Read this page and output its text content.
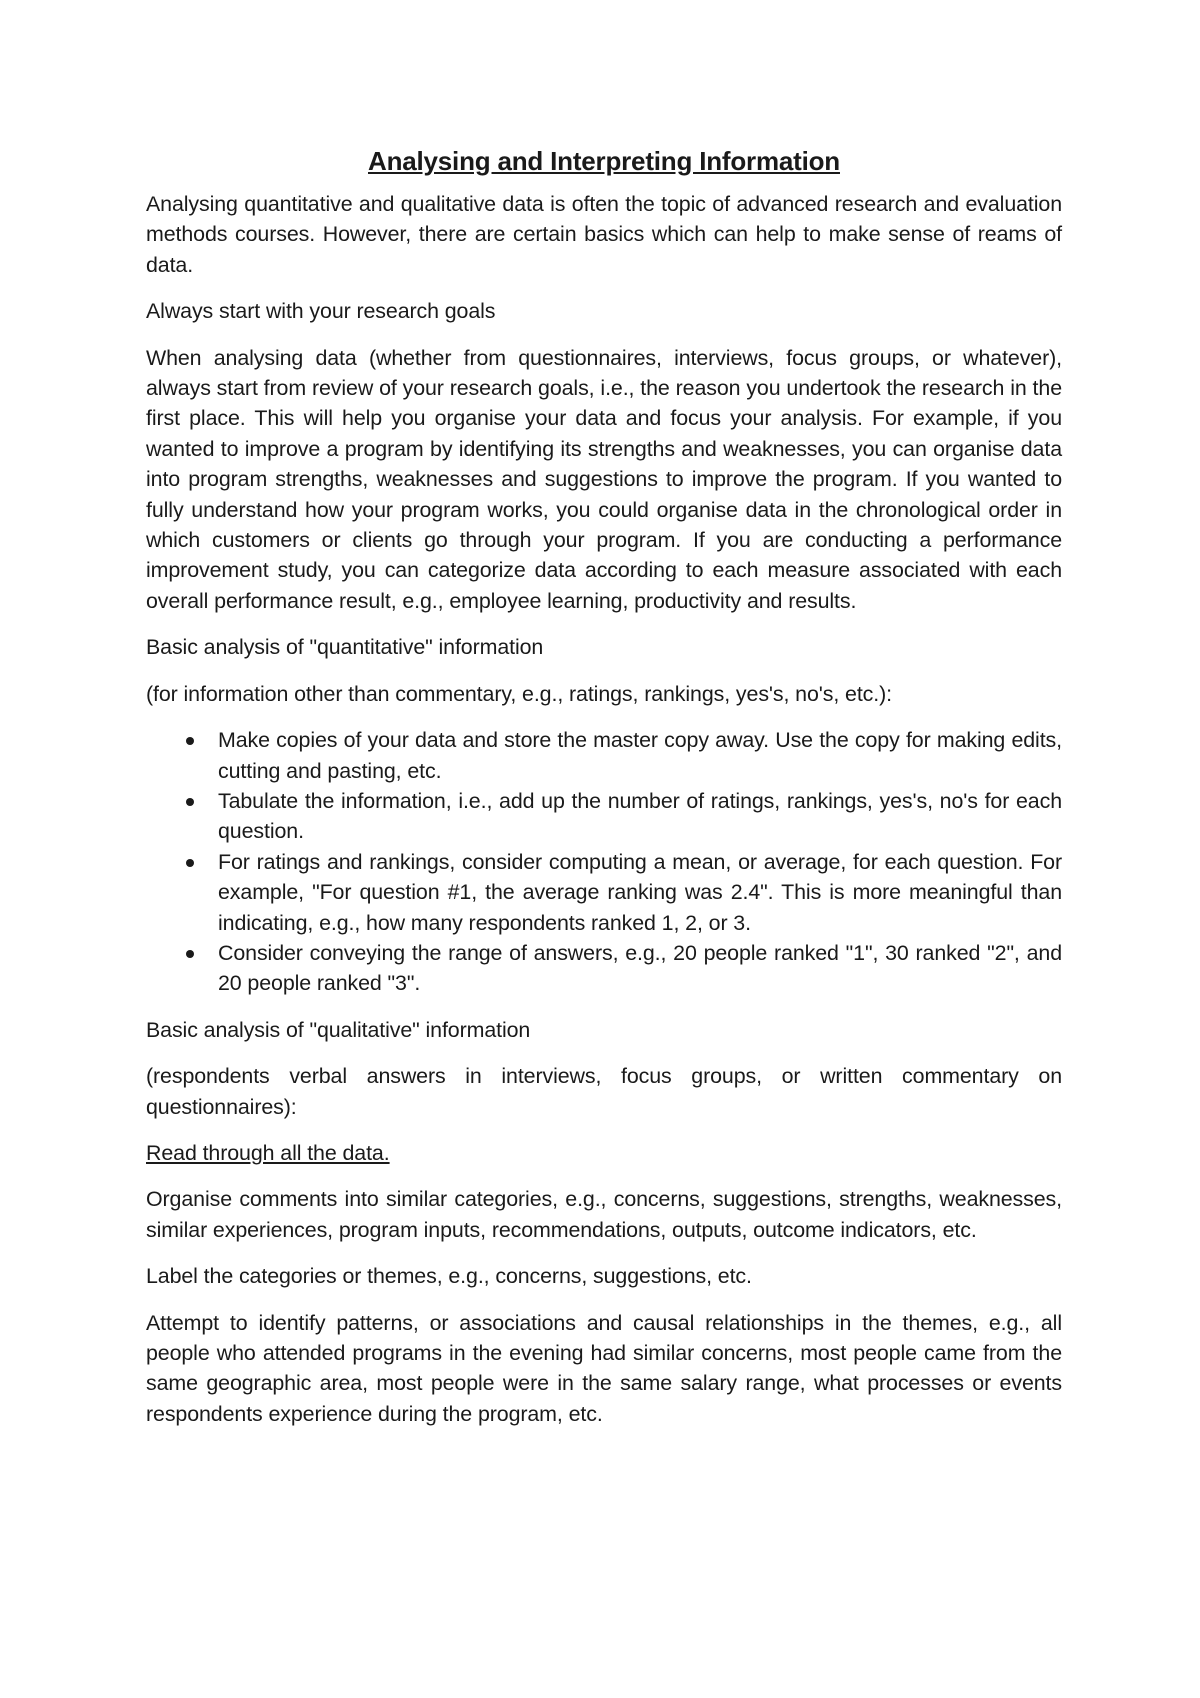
Analysing and Interpreting Information

Analysing quantitative and qualitative data is often the topic of advanced research and evaluation methods courses. However, there are certain basics which can help to make sense of reams of data.

Always start with your research goals

When analysing data (whether from questionnaires, interviews, focus groups, or whatever), always start from review of your research goals, i.e., the reason you undertook the research in the first place. This will help you organise your data and focus your analysis. For example, if you wanted to improve a program by identifying its strengths and weaknesses, you can organise data into program strengths, weaknesses and suggestions to improve the program. If you wanted to fully understand how your program works, you could organise data in the chronological order in which customers or clients go through your program. If you are conducting a performance improvement study, you can categorize data according to each measure associated with each overall performance result, e.g., employee learning, productivity and results.

Basic analysis of "quantitative" information

(for information other than commentary, e.g., ratings, rankings, yes's, no's, etc.):

Make copies of your data and store the master copy away. Use the copy for making edits, cutting and pasting, etc.
Tabulate the information, i.e., add up the number of ratings, rankings, yes's, no's for each question.
For ratings and rankings, consider computing a mean, or average, for each question. For example, "For question #1, the average ranking was 2.4". This is more meaningful than indicating, e.g., how many respondents ranked 1, 2, or 3.
Consider conveying the range of answers, e.g., 20 people ranked "1", 30 ranked "2", and 20 people ranked "3".

Basic analysis of "qualitative" information

(respondents verbal answers in interviews, focus groups, or written commentary on questionnaires):

Read through all the data.

Organise comments into similar categories, e.g., concerns, suggestions, strengths, weaknesses, similar experiences, program inputs, recommendations, outputs, outcome indicators, etc.

Label the categories or themes, e.g., concerns, suggestions, etc.

Attempt to identify patterns, or associations and causal relationships in the themes, e.g., all people who attended programs in the evening had similar concerns, most people came from the same geographic area, most people were in the same salary range, what processes or events respondents experience during the program, etc.
